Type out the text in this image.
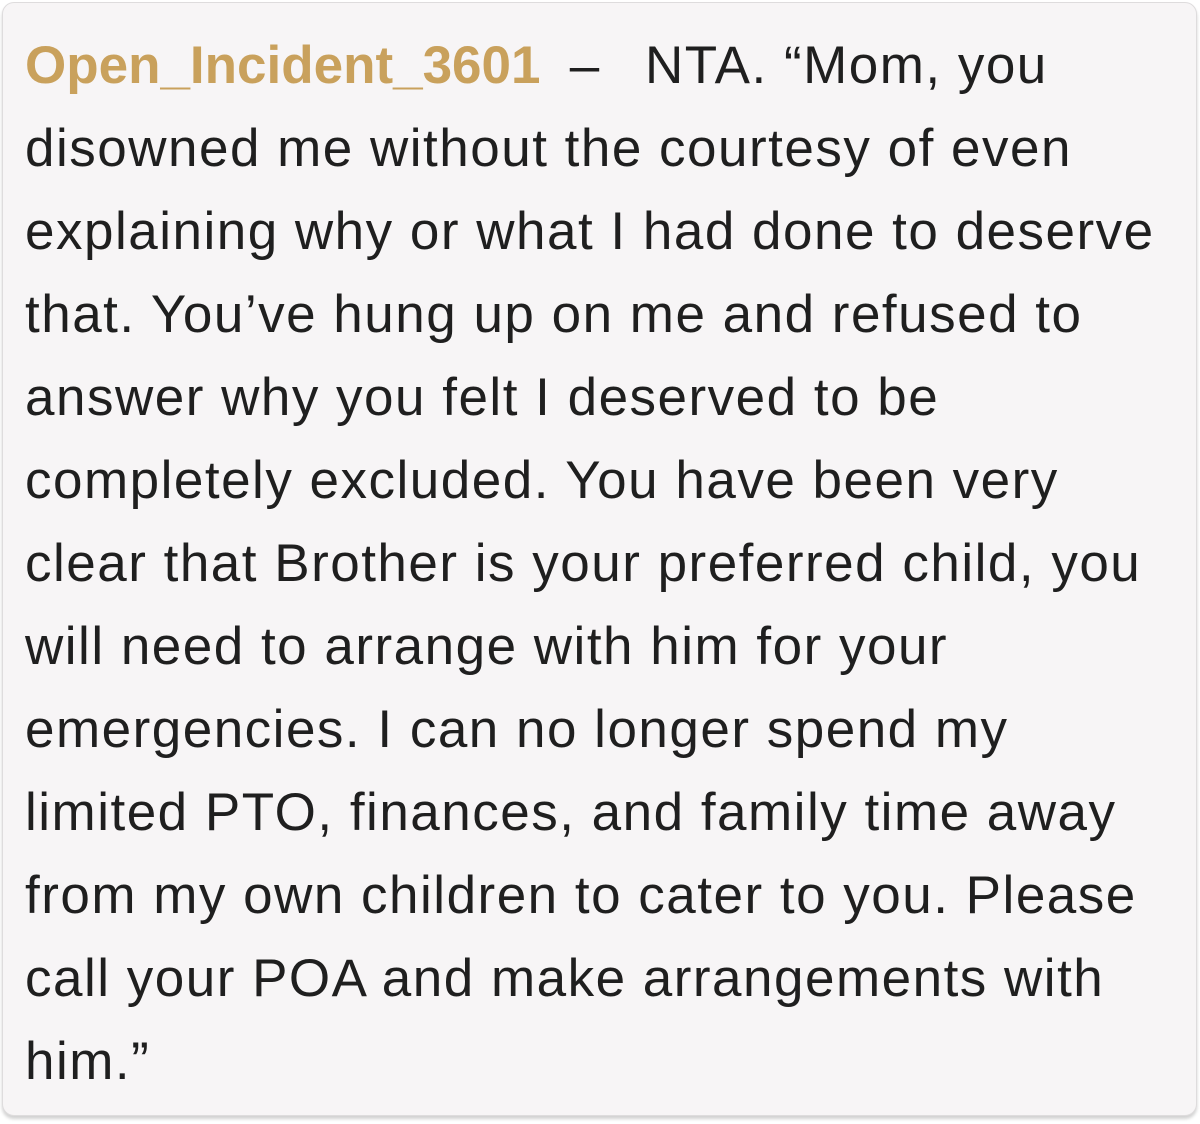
Open_Incident_3601 – NTA. “Mom, you disowned me without the courtesy of even explaining why or what I had done to deserve that. You’ve hung up on me and refused to answer why you felt I deserved to be completely excluded. You have been very clear that Brother is your preferred child, you will need to arrange with him for your emergencies. I can no longer spend my limited PTO, finances, and family time away from my own children to cater to you. Please call your POA and make arrangements with him.”
